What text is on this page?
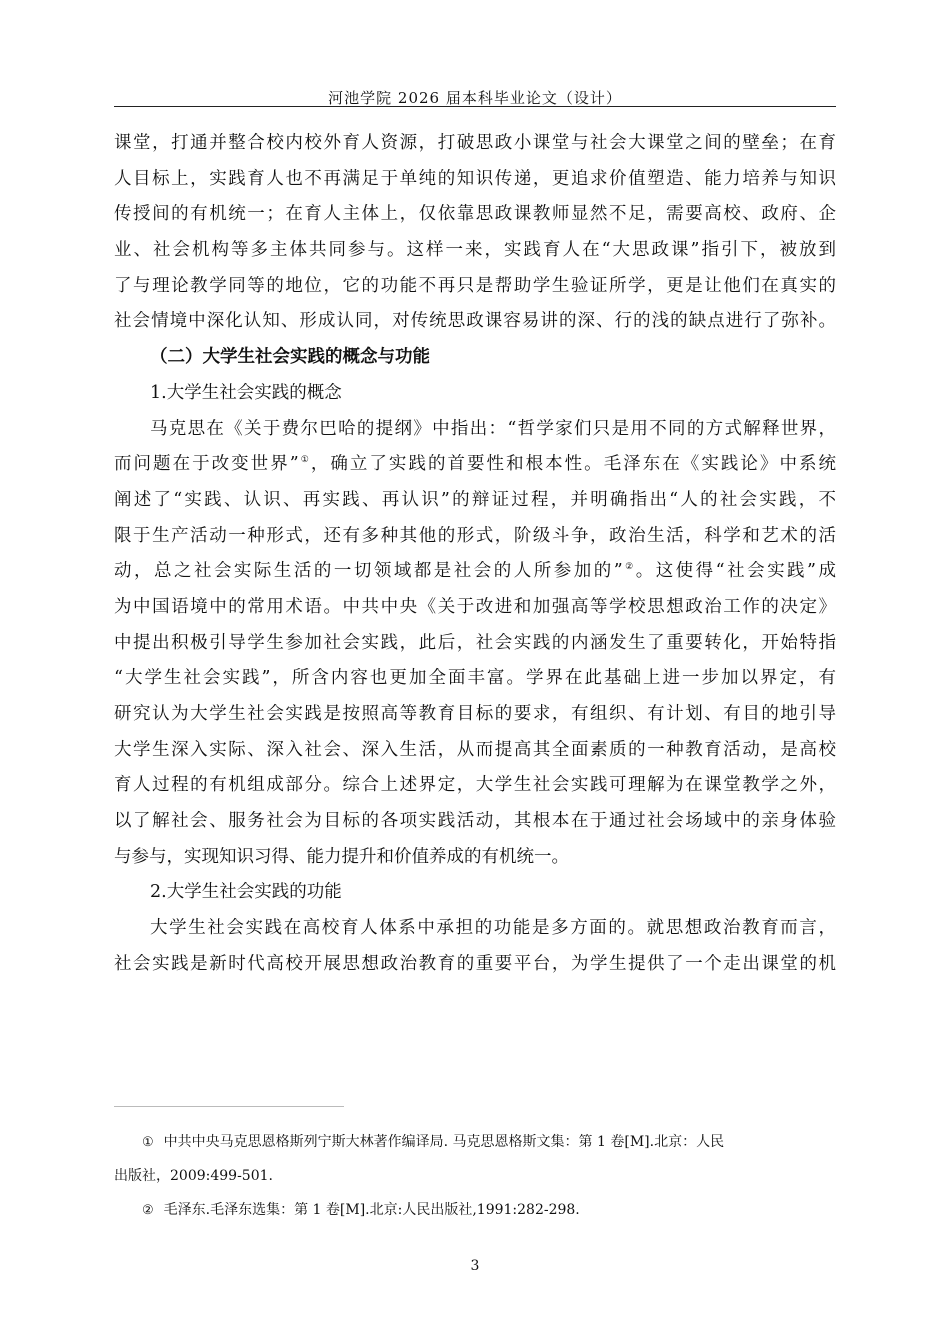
河池学院 2026 届本科毕业论文（设计）
课堂，打通并整合校内校外育人资源，打破思政小课堂与社会大课堂之间的壁垒；在育
人目标上，实践育人也不再满足于单纯的知识传递，更追求价值塑造、能力培养与知识
传授间的有机统一；在育人主体上，仅依靠思政课教师显然不足，需要高校、政府、企
业、社会机构等多主体共同参与。这样一来，实践育人在“大思政课”指引下，被放到
了与理论教学同等的地位，它的功能不再只是帮助学生验证所学，更是让他们在真实的
社会情境中深化认知、形成认同，对传统思政课容易讲的深、行的浅的缺点进行了弥补。
（二）大学生社会实践的概念与功能
1.大学生社会实践的概念
马克思在《关于费尔巴哈的提纲》中指出：“哲学家们只是用不同的方式解释世界，
而问题在于改变世界”①，确立了实践的首要性和根本性。毛泽东在《实践论》中系统
阐述了“实践、认识、再实践、再认识”的辩证过程，并明确指出“人的社会实践，不
限于生产活动一种形式，还有多种其他的形式，阶级斗争，政治生活，科学和艺术的活
动，总之社会实际生活的一切领域都是社会的人所参加的”②。这使得“社会实践”成
为中国语境中的常用术语。中共中央《关于改进和加强高等学校思想政治工作的决定》
中提出积极引导学生参加社会实践，此后，社会实践的内涵发生了重要转化，开始特指
“大学生社会实践”，所含内容也更加全面丰富。学界在此基础上进一步加以界定，有
研究认为大学生社会实践是按照高等教育目标的要求，有组织、有计划、有目的地引导
大学生深入实际、深入社会、深入生活，从而提高其全面素质的一种教育活动，是高校
育人过程的有机组成部分。综合上述界定，大学生社会实践可理解为在课堂教学之外，
以了解社会、服务社会为目标的各项实践活动，其根本在于通过社会场域中的亲身体验
与参与，实现知识习得、能力提升和价值养成的有机统一。
2.大学生社会实践的功能
大学生社会实践在高校育人体系中承担的功能是多方面的。就思想政治教育而言，
社会实践是新时代高校开展思想政治教育的重要平台，为学生提供了一个走出课堂的机
① 中共中央马克思恩格斯列宁斯大林著作编译局. 马克思恩格斯文集：第 1 卷[M].北京：人民
出版社，2009:499-501.
② 毛泽东.毛泽东选集：第 1 卷[M].北京:人民出版社,1991:282-298.
3
